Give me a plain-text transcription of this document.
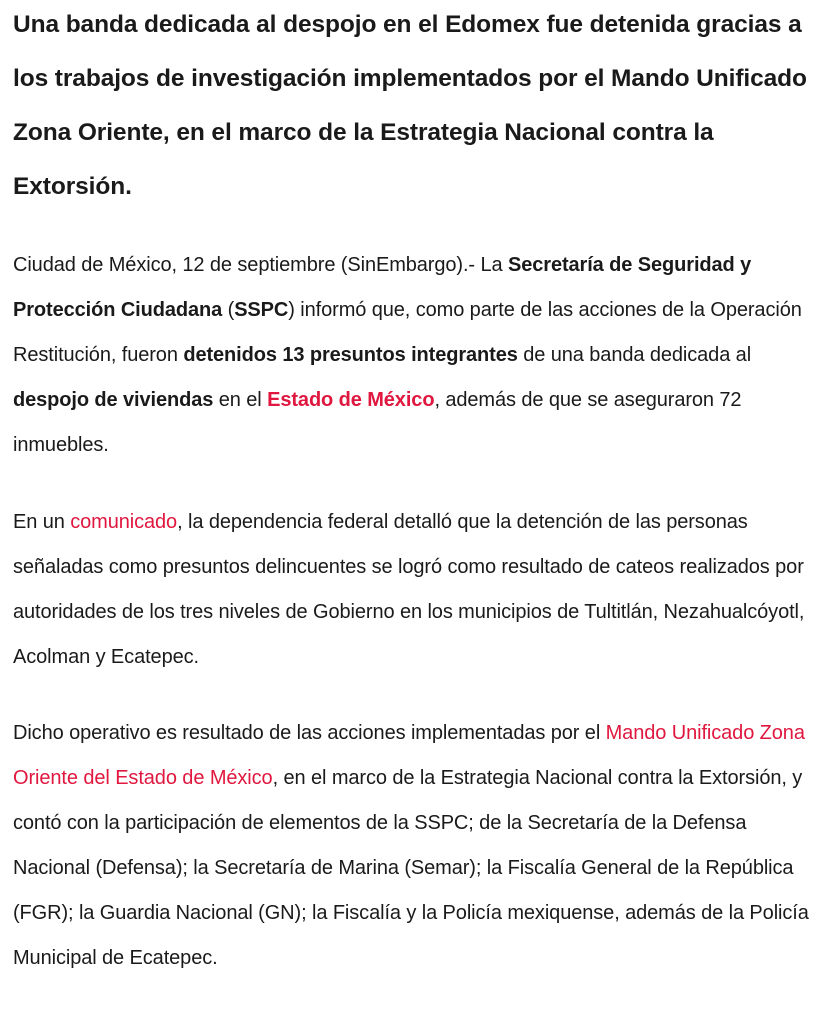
Una banda dedicada al despojo en el Edomex fue detenida gracias a los trabajos de investigación implementados por el Mando Unificado Zona Oriente, en el marco de la Estrategia Nacional contra la Extorsión.

Ciudad de México, 12 de septiembre (SinEmbargo).- La Secretaría de Seguridad y Protección Ciudadana (SSPC) informó que, como parte de las acciones de la Operación Restitución, fueron detenidos 13 presuntos integrantes de una banda dedicada al despojo de viviendas en el Estado de México, además de que se aseguraron 72 inmuebles.

En un comunicado, la dependencia federal detalló que la detención de las personas señaladas como presuntos delincuentes se logró como resultado de cateos realizados por autoridades de los tres niveles de Gobierno en los municipios de Tultitlán, Nezahualcóyotl, Acolman y Ecatepec.

Dicho operativo es resultado de las acciones implementadas por el Mando Unificado Zona Oriente del Estado de México, en el marco de la Estrategia Nacional contra la Extorsión, y contó con la participación de elementos de la SSPC; de la Secretaría de la Defensa Nacional (Defensa); la Secretaría de Marina (Semar); la Fiscalía General de la República (FGR); la Guardia Nacional (GN); la Fiscalía y la Policía mexiquense, además de la Policía Municipal de Ecatepec.
